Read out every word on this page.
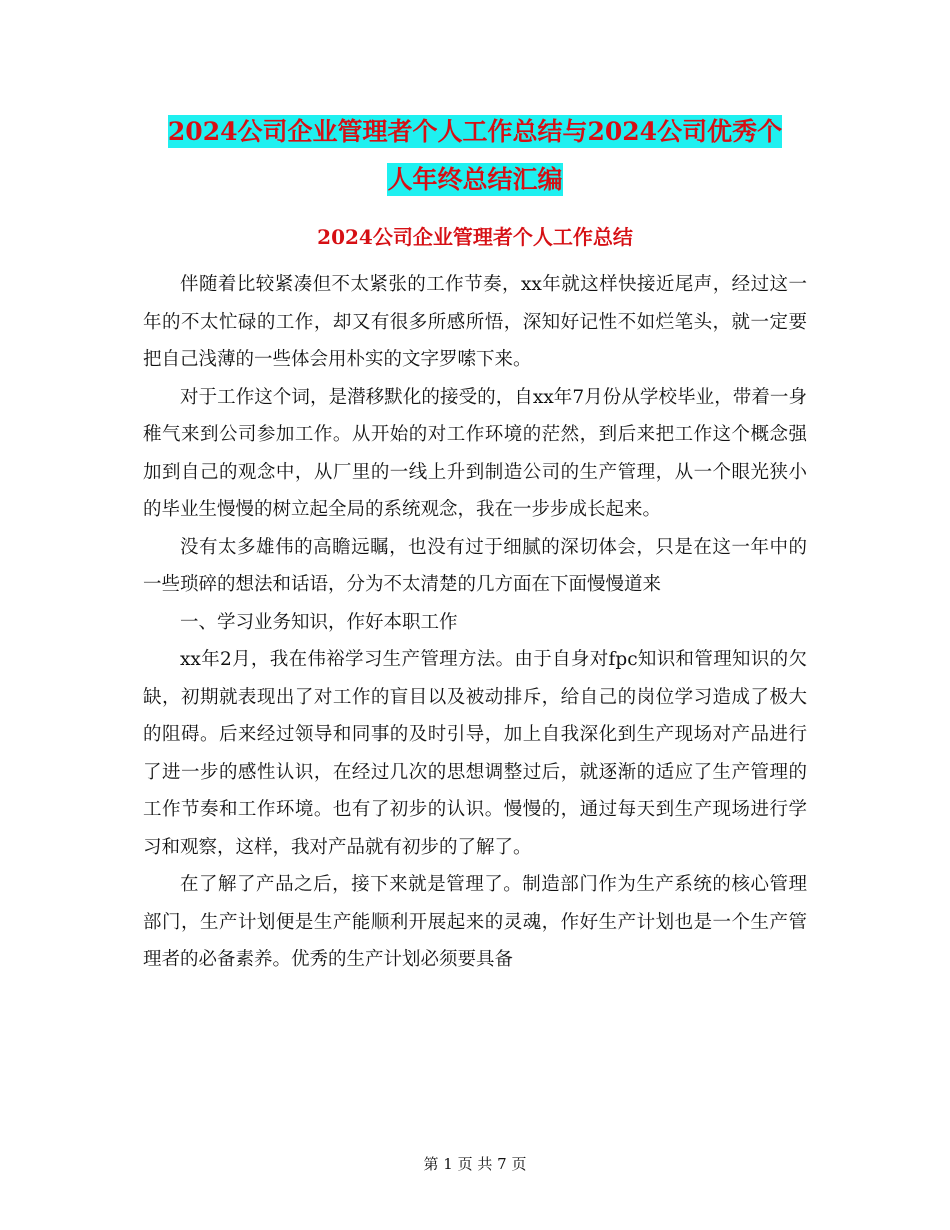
2024公司企业管理者个人工作总结与2024公司优秀个
人年终总结汇编
2024公司企业管理者个人工作总结

伴随着比较紧凑但不太紧张的工作节奏，xx年就这样快接近尾声，经过这一年的不太忙碌的工作，却又有很多所感所悟，深知好记性不如烂笔头，就一定要把自己浅薄的一些体会用朴实的文字罗嗦下来。

对于工作这个词，是潜移默化的接受的，自xx年7月份从学校毕业，带着一身稚气来到公司参加工作。从开始的对工作环境的茫然，到后来把工作这个概念强加到自己的观念中，从厂里的一线上升到制造公司的生产管理，从一个眼光狭小的毕业生慢慢的树立起全局的系统观念，我在一步步成长起来。

没有太多雄伟的高瞻远瞩，也没有过于细腻的深切体会，只是在这一年中的一些琐碎的想法和话语，分为不太清楚的几方面在下面慢慢道来

一、学习业务知识，作好本职工作

xx年2月，我在伟裕学习生产管理方法。由于自身对fpc知识和管理知识的欠缺，初期就表现出了对工作的盲目以及被动排斥，给自己的岗位学习造成了极大的阻碍。后来经过领导和同事的及时引导，加上自我深化到生产现场对产品进行了进一步的感性认识，在经过几次的思想调整过后，就逐渐的适应了生产管理的工作节奏和工作环境。也有了初步的认识。慢慢的，通过每天到生产现场进行学习和观察，这样，我对产品就有初步的了解了。

在了解了产品之后，接下来就是管理了。制造部门作为生产系统的核心管理部门，生产计划便是生产能顺利开展起来的灵魂，作好生产计划也是一个生产管理者的必备素养。优秀的生产计划必须要具备

第 1 页 共 7 页
